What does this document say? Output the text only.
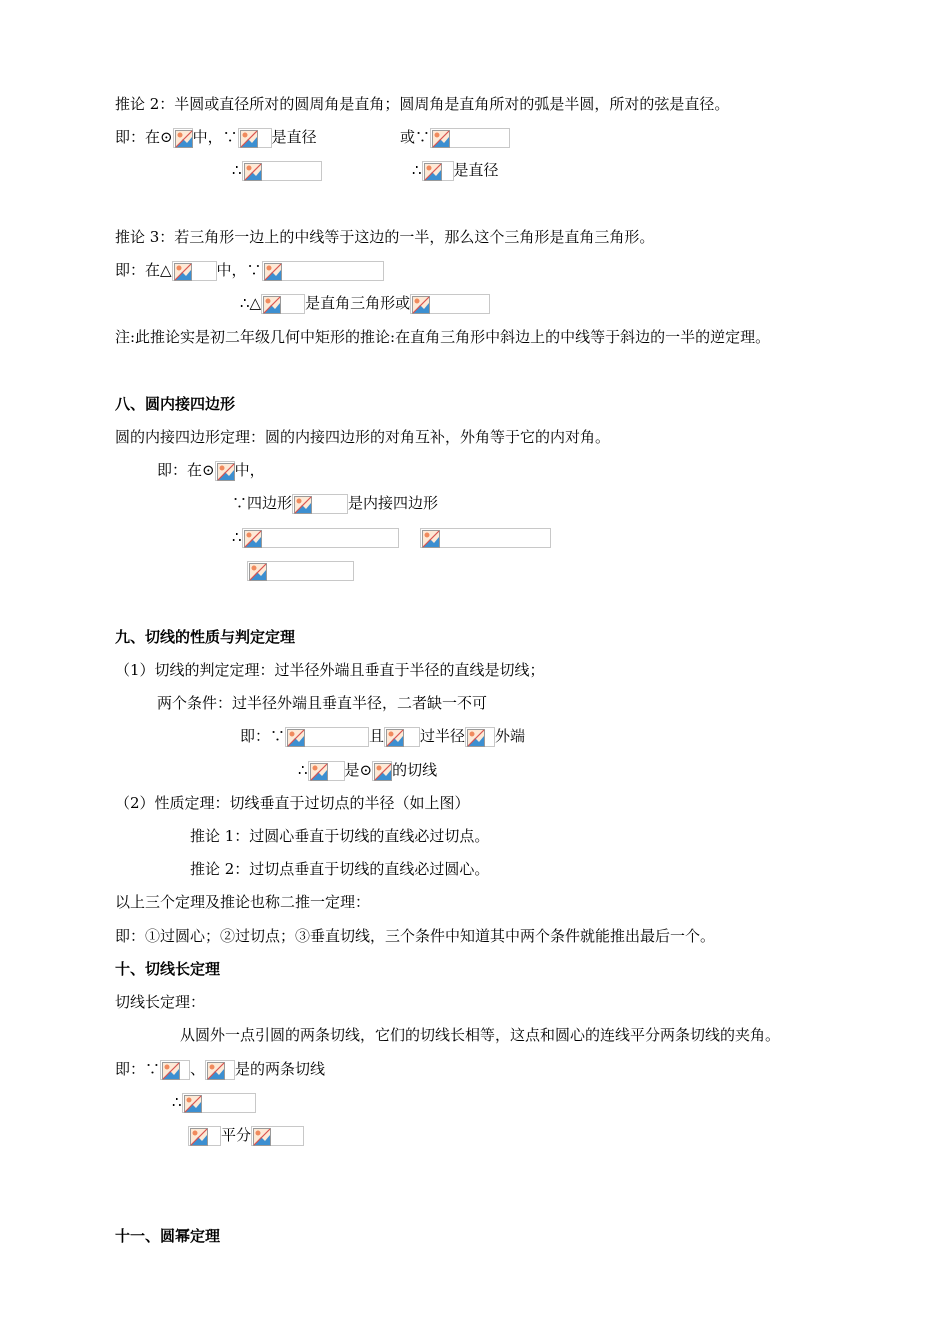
推论 2：半圆或直径所对的圆周角是直角；圆周角是直角所对的弧是半圆，所对的弦是直径。
即：在⊙ 中，∵ 是直径	或∵
∴	∴ 是直径
推论 3：若三角形一边上的中线等于这边的一半，那么这个三角形是直角三角形。
即：在△	中，∵
∴△	是直角三角形或
注:此推论实是初二年级几何中矩形的推论:在直角三角形中斜边上的中线等于斜边的一半的逆定理。
八、圆内接四边形
圆的内接四边形定理：圆的内接四边形的对角互补，外角等于它的内对角。
即：在⊙ 中，
∵四边形	是内接四边形
∴
九、切线的性质与判定定理
（1）切线的判定定理：过半径外端且垂直于半径的直线是切线；
两个条件：过半径外端且垂直半径，二者缺一不可
即：∵	且 过半径 外端
∴ 是⊙ 的切线
（2）性质定理：切线垂直于过切点的半径（如上图）
推论 1：过圆心垂直于切线的直线必过切点。
推论 2：过切点垂直于切线的直线必过圆心。
以上三个定理及推论也称二推一定理：
即：①过圆心；②过切点；③垂直切线，三个条件中知道其中两个条件就能推出最后一个。
十、切线长定理
切线长定理：
从圆外一点引圆的两条切线，它们的切线长相等，这点和圆心的连线平分两条切线的夹角。
即：∵ 、 是的两条切线
∴
平分
十一、圆幂定理
